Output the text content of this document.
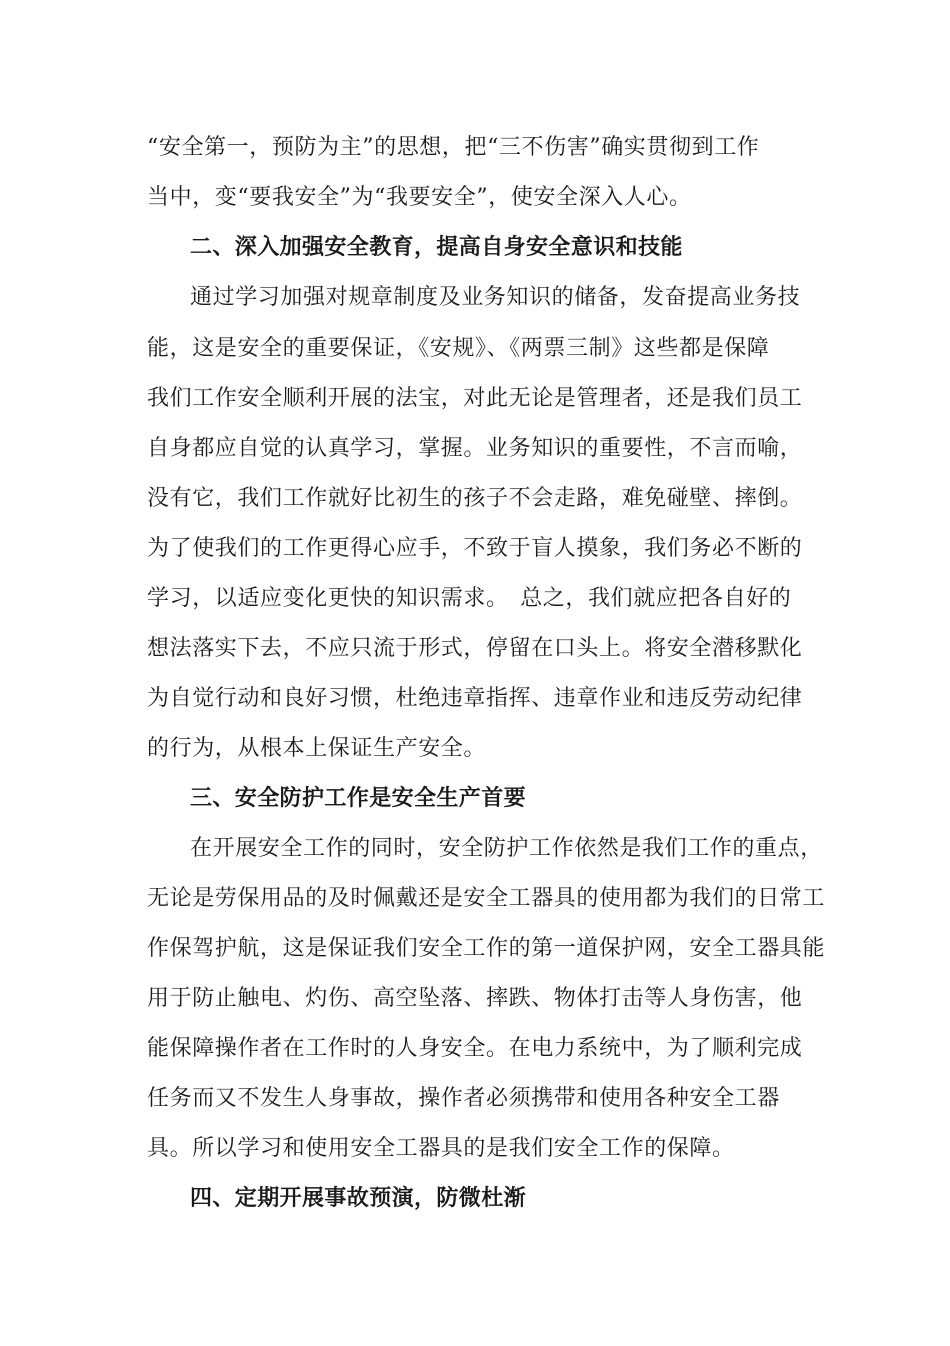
“安全第一，预防为主”的思想，把“三不伤害”确实贯彻到工作
当中，变“要我安全”为“我要安全”，使安全深入人心。
二、深入加强安全教育，提高自身安全意识和技能
通过学习加强对规章制度及业务知识的储备，发奋提高业务技
能，这是安全的重要保证，《安规》、《两票三制》这些都是保障
我们工作安全顺利开展的法宝，对此无论是管理者，还是我们员工
自身都应自觉的认真学习，掌握。业务知识的重要性，不言而喻，
没有它，我们工作就好比初生的孩子不会走路，难免碰壁、摔倒。
为了使我们的工作更得心应手，不致于盲人摸象，我们务必不断的
学习，以适应变化更快的知识需求。　总之，我们就应把各自好的
想法落实下去，不应只流于形式，停留在口头上。将安全潜移默化
为自觉行动和良好习惯，杜绝违章指挥、违章作业和违反劳动纪律
的行为，从根本上保证生产安全。
三、安全防护工作是安全生产首要
在开展安全工作的同时，安全防护工作依然是我们工作的重点，
无论是劳保用品的及时佩戴还是安全工器具的使用都为我们的日常工
作保驾护航，这是保证我们安全工作的第一道保护网，安全工器具能
用于防止触电、灼伤、高空坠落、摔跌、物体打击等人身伤害，他
能保障操作者在工作时的人身安全。在电力系统中，为了顺利完成
任务而又不发生人身事故，操作者必须携带和使用各种安全工器
具。所以学习和使用安全工器具的是我们安全工作的保障。
四、定期开展事故预演，防微杜渐
